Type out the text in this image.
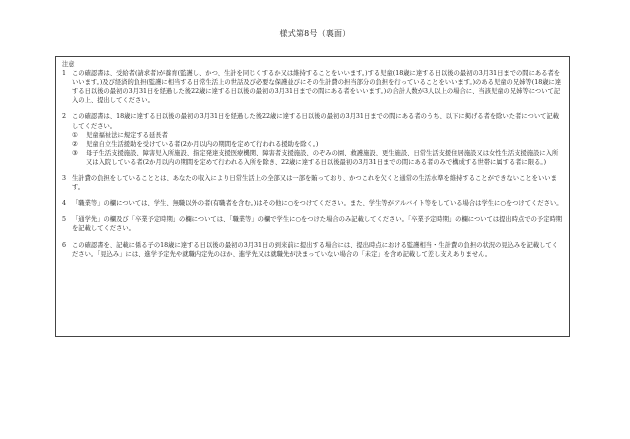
様式第8号（裏面）
注意
1 この確認書は、受給者(請求者)が養育(監護し、かつ、生計を同じくするか又は維持することをいいます。)する児童(18歳に達する日以後の最初の3月31日までの間にある者をいいます。)及び経済的負担(監護に相当する日常生活上の世話及び必要な保護並びにその生計費の担当部分の負担を行っていることをいいます。)のある児童の兄姉等(18歳に達する日以後の最初の3月31日を経過した後22歳に達する日以後の最初の3月31日までの間にある者をいいます。)の合計人数が3人以上の場合に、当該児童の兄姉等について記入の上、提出してください。
2 この確認書は、18歳に達する日以後の最初の3月31日を経過した後22歳に達する日以後の最初の3月31日までの間にある者のうち、以下に掲げる者を除いた者について記載してください。
①	児童福祉法に規定する延長者
②	児童自立生活援助を受けている者(2か月以内の期間を定めて行われる援助を除く。)
③	母子生活支援施設、障害児入所施設、指定発達支援医療機関、障害者支援施設、のぞみの園、救護施設、更生施設、日常生活支援住居施設又は女性生活支援施設に入所又は入院している者(2か月以内の期間を定めて行われる入所を除き、22歳に達する日以後最初の3月31日までの間にある者のみで構成する世帯に属する者に限る。)
3 生計費の負担をしていることとは、あなたの収入により日常生活上の全部又は一部を賄っており、かつこれを欠くと通常の生活水準を維持することができないことをいいます。
4 「職業等」の欄については、学生、無職以外の者(有職者を含む。)はその他に○をつけてください。また、学生等がアルバイト等をしている場合は学生に○をつけてください。
5 「通学先」の欄及び「卒業予定時期」の欄については、「職業等」の欄で学生に○をつけた場合のみ記載してください。「卒業予定時期」の欄については提出時点での予定時期を記載してください。
6 この確認書を、記載に係る子の18歳に達する日以後の最初の3月31日の到来前に提出する場合には、提出時点における監護相当・生計費の負担の状況の見込みを記載してください。「見込み」には、進学予定先や就職内定先のほか、進学先又は就職先が決まっていない場合の「未定」を含め記載して差し支えありません。
